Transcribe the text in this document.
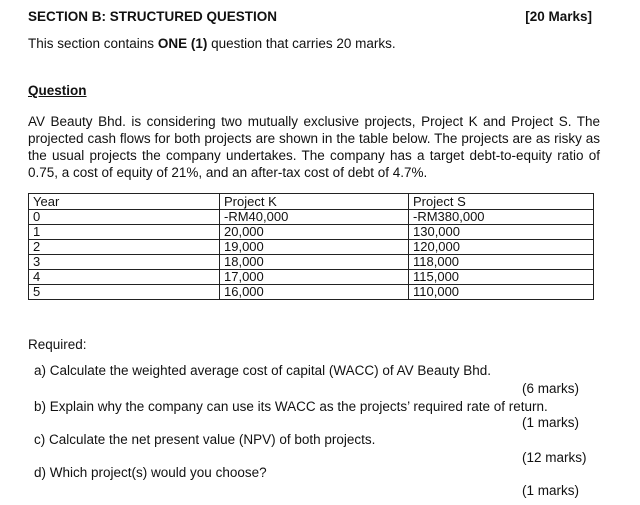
SECTION B: STRUCTURED QUESTION	[20 Marks]
This section contains ONE (1) question that carries 20 marks.
Question
AV Beauty Bhd. is considering two mutually exclusive projects, Project K and Project S. The projected cash flows for both projects are shown in the table below. The projects are as risky as the usual projects the company undertakes. The company has a target debt-to-equity ratio of 0.75, a cost of equity of 21%, and an after-tax cost of debt of 4.7%.
Year	Project K	Project S
0	-RM40,000	-RM380,000
1	20,000	130,000
2	19,000	120,000
3	18,000	118,000
4	17,000	115,000
5	16,000	110,000
Required:
a) Calculate the weighted average cost of capital (WACC) of AV Beauty Bhd.
(6 marks)
b) Explain why the company can use its WACC as the projects’ required rate of return.
(1 marks)
c) Calculate the net present value (NPV) of both projects.
(12 marks)
d) Which project(s) would you choose?
(1 marks)
